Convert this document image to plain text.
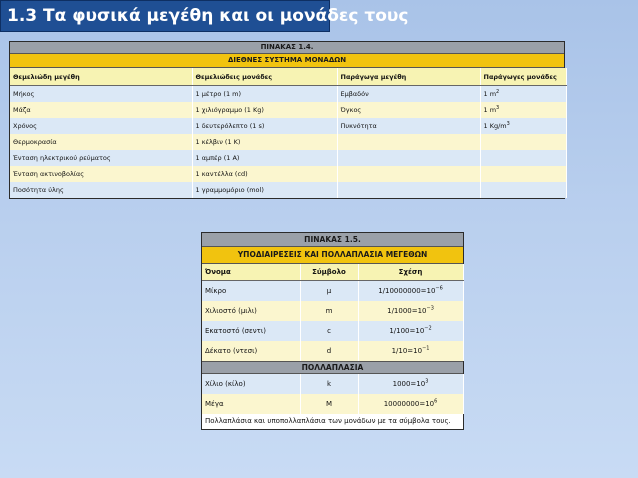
1.3 Τα φυσικά μεγέθη και οι μονάδες τους
ΠΙΝΑΚΑΣ 1.4.
ΔΙΕΘΝΕΣ ΣΥΣΤΗΜΑ ΜΟΝΑΔΩΝ
Θεμελιώδη μεγέθη	Θεμελιώδεις μονάδες	Παράγωγα μεγέθη	Παράγωγες μονάδες
Μήκος	1 μέτρο (1 m)	Εμβαδόν	1 $m^2$
Μάζα	1 χιλιόγραμμο (1 Kg)	Όγκος	1 $m^3$
Χρόνος	1 δευτερόλεπτο (1 s)	Πυκνότητα	1 $Kg/m^3$
Θερμοκρασία	1 κέλβιν (1 K)		
Ένταση ηλεκτρικού ρεύματος	1 αμπέρ (1 A)		
Ένταση ακτινοβολίας	1 καντέλλα (cd)		
Ποσότητα ύλης	1 γραμμομόριο (mol)		
ΠΙΝΑΚΑΣ 1.5.
ΥΠΟΔΙΑΙΡΕΣΕΙΣ ΚΑΙ ΠΟΛΛΑΠΛΑΣΙΑ ΜΕΓΕΘΩΝ
Όνομα	Σύμβολο	Σχέση
Μίκρο	μ	$1/10000000=10^{-6}$
Χιλιοστό (μιλι)	m	$1/1000=10^{-3}$
Εκατοστό (σεντι)	c	$1/100=10^{-2}$
Δέκατο (ντεσι)	d	$1/10=10^{-1}$
ΠΟΛΛΑΠΛΑΣΙΑ
Χίλιο (κίλο)	k	$1000=10^3$
Μέγα	M	$10000000=10^6$
Πολλαπλάσια και υποπολλαπλάσια των μονάδων με τα σύμβολα τους.
